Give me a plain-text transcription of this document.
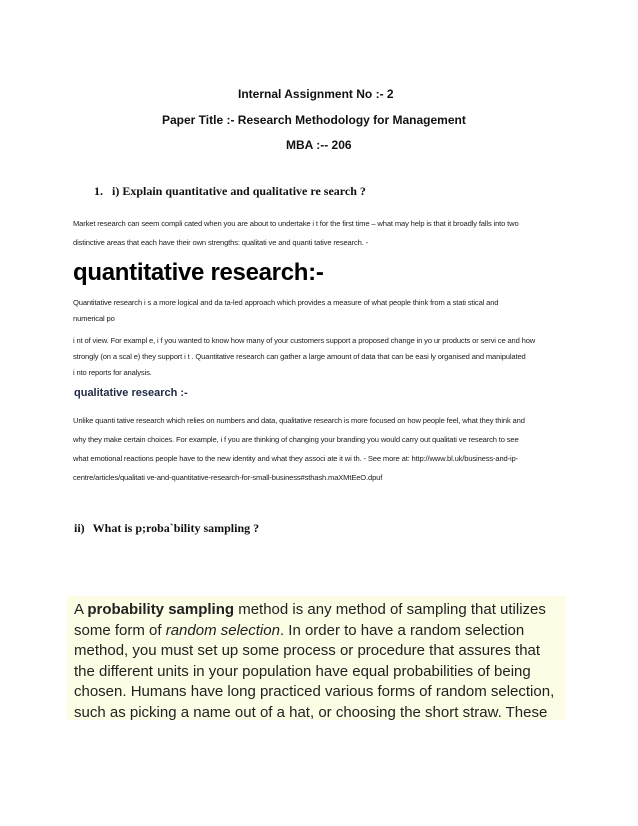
Internal Assignment No :- 2

Paper Title :- Research Methodology for Management

MBA :-- 206

1. i) Explain quantitative and qualitative re search ?

Market research can seem compli cated when you are about to undertake i t for the first time – what may help is that it broadly falls into two
distinctive areas that each have their own strengths: qualitati ve and quanti tative research. -

quantitative research:-

Quantitative research i s a more logical and da ta-led approach which provides a measure of what people think from a stati stical and
numerical po
i nt of view. For exampl e, i f you wanted to know how many of your customers support a proposed change in yo ur products or servi ce and how
strongly (on a scal e) they support i t . Quantitative research can gather a large amount of data that can be easi ly organised and manipulated
i nto reports for analysis.

qualitative research :-

Unlike quanti tative research which relies on numbers and data, qualitative research is more focused on how people feel, what they think and
why they make certain choices. For example, i f you are thinking of changing your branding you would carry out qualitati ve research to see
what emotional reactions people have to the new identity and what they associ ate it wi th. - See more at: http://www.bl.uk/business-and-ip-
centre/articles/qualitati ve-and-quantitative-research-for-small-business#sthash.maXMtEeO.dpuf

ii) What is p;roba`bility sampling ?

A probability sampling method is any method of sampling that utilizes
some form of random selection. In order to have a random selection
method, you must set up some process or procedure that assures that
the different units in your population have equal probabilities of being
chosen. Humans have long practiced various forms of random selection,
such as picking a name out of a hat, or choosing the short straw. These
